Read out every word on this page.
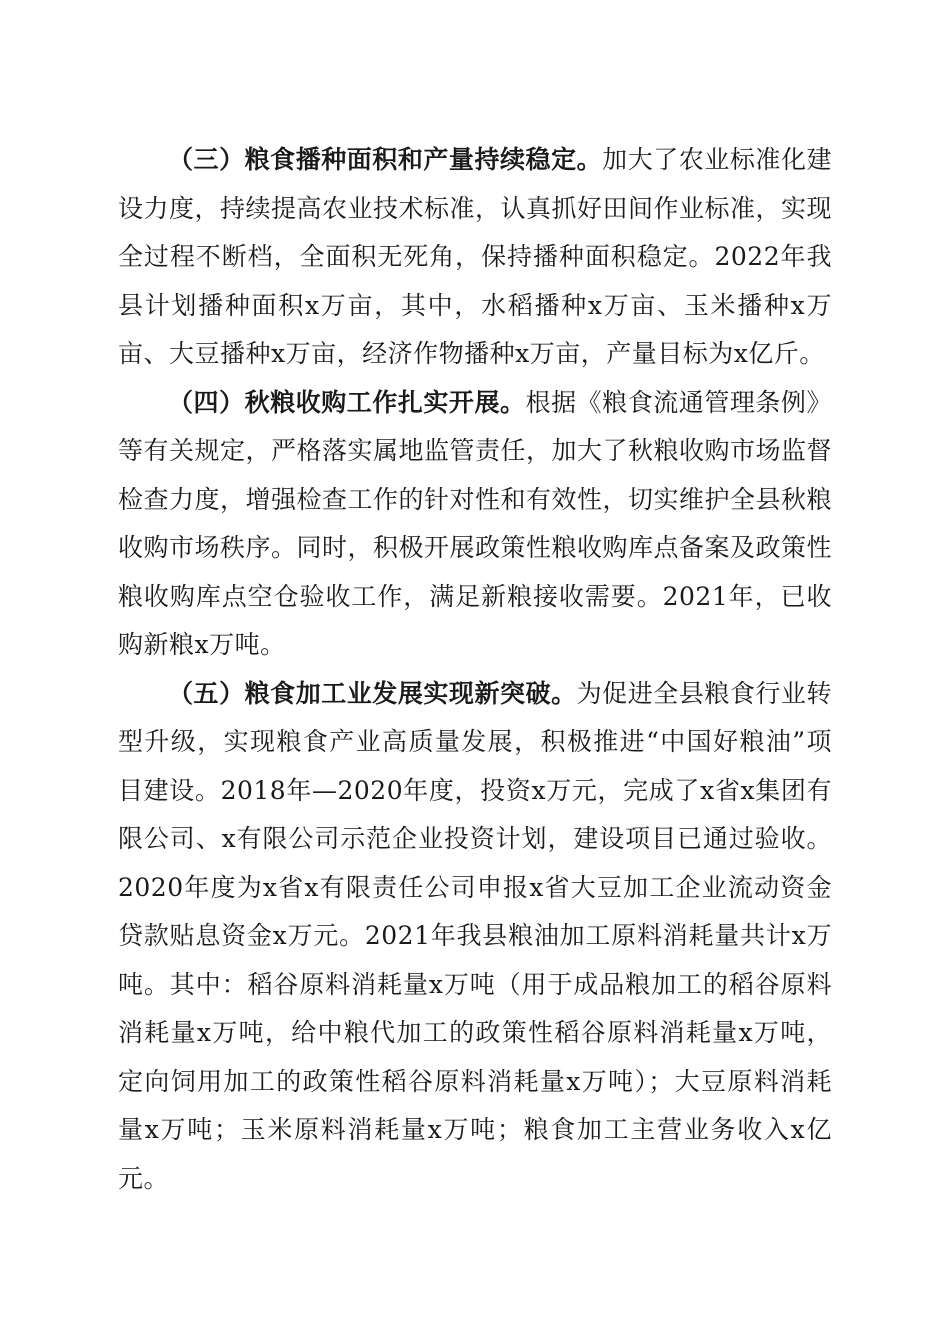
（三）粮食播种面积和产量持续稳定。加大了农业标准化建设力度，持续提高农业技术标准，认真抓好田间作业标准，实现全过程不断档，全面积无死角，保持播种面积稳定。2022年我县计划播种面积x万亩，其中，水稻播种x万亩、玉米播种x万亩、大豆播种x万亩，经济作物播种x万亩，产量目标为x亿斤。

（四）秋粮收购工作扎实开展。根据《粮食流通管理条例》等有关规定，严格落实属地监管责任，加大了秋粮收购市场监督检查力度，增强检查工作的针对性和有效性，切实维护全县秋粮收购市场秩序。同时，积极开展政策性粮收购库点备案及政策性粮收购库点空仓验收工作，满足新粮接收需要。2021年，已收购新粮x万吨。

（五）粮食加工业发展实现新突破。为促进全县粮食行业转型升级，实现粮食产业高质量发展，积极推进“中国好粮油”项目建设。2018年—2020年度，投资x万元，完成了x省x集团有限公司、x有限公司示范企业投资计划，建设项目已通过验收。2020年度为x省x有限责任公司申报x省大豆加工企业流动资金贷款贴息资金x万元。2021年我县粮油加工原料消耗量共计x万吨。其中：稻谷原料消耗量x万吨（用于成品粮加工的稻谷原料消耗量x万吨，给中粮代加工的政策性稻谷原料消耗量x万吨，定向饲用加工的政策性稻谷原料消耗量x万吨）；大豆原料消耗量x万吨；玉米原料消耗量x万吨；粮食加工主营业务收入x亿元。
